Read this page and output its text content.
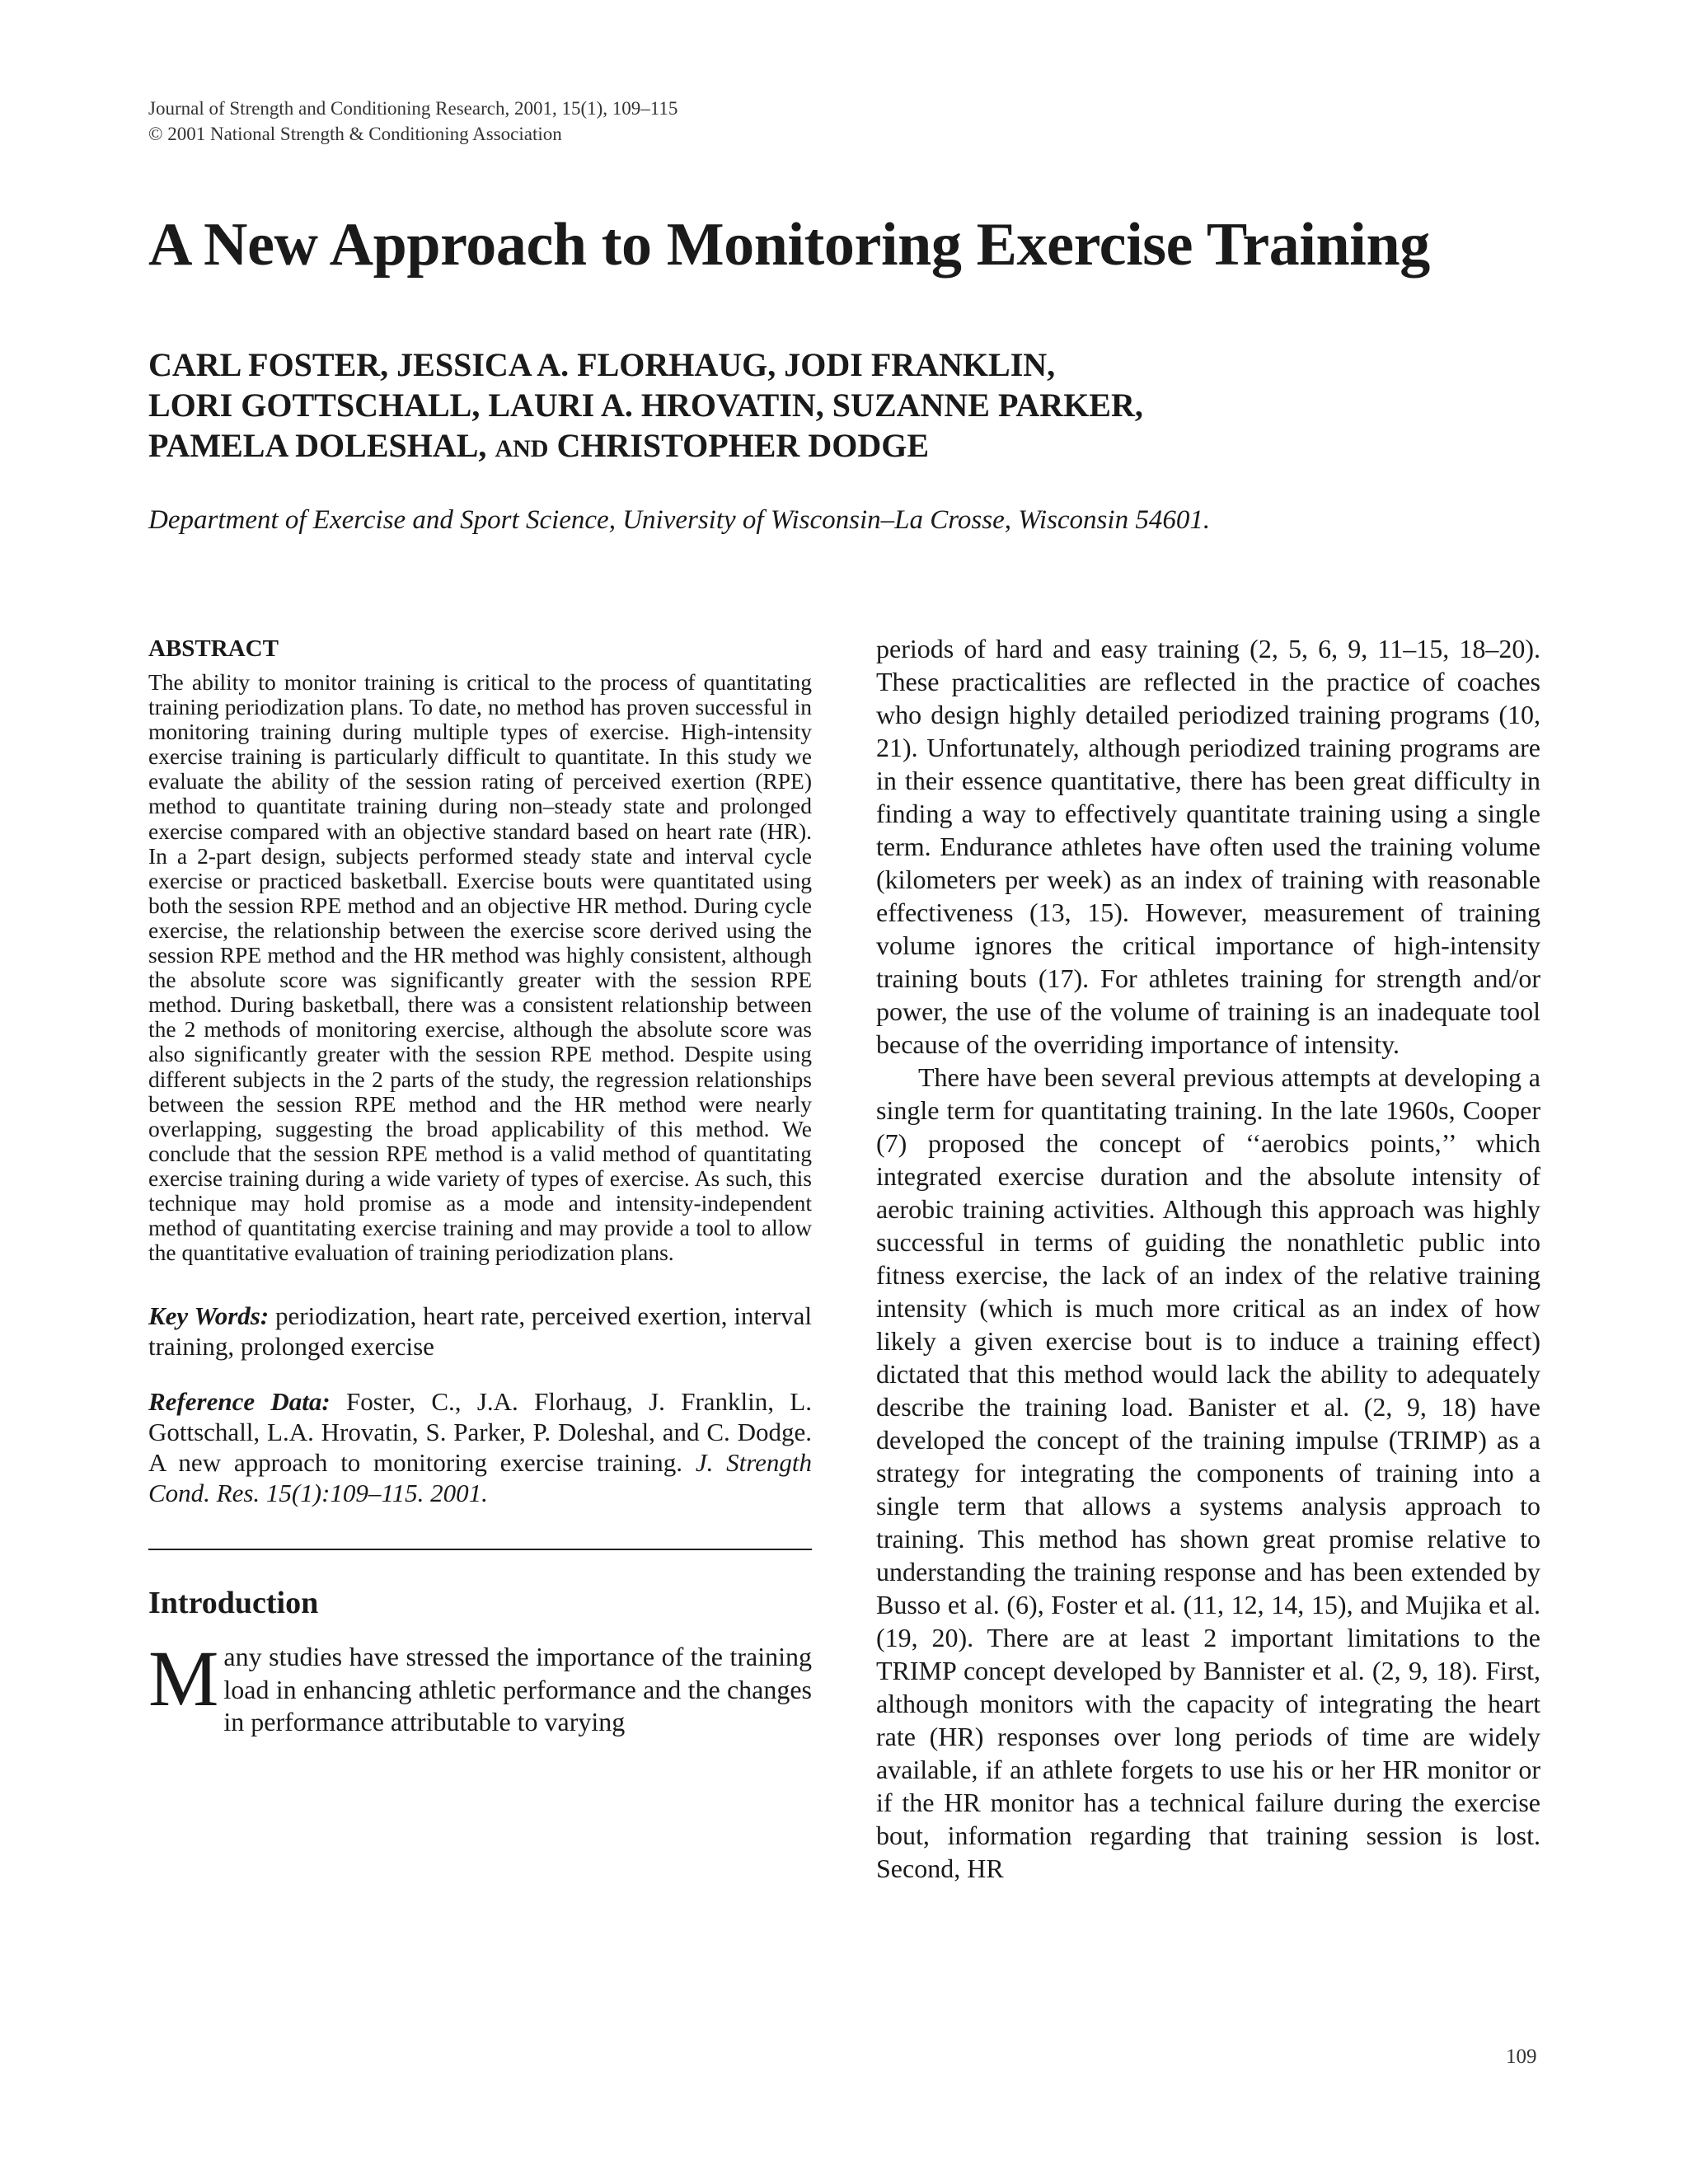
Journal of Strength and Conditioning Research, 2001, 15(1), 109–115
© 2001 National Strength & Conditioning Association
A New Approach to Monitoring Exercise Training
CARL FOSTER, JESSICA A. FLORHAUG, JODI FRANKLIN,
LORI GOTTSCHALL, LAURI A. HROVATIN, SUZANNE PARKER,
PAMELA DOLESHAL, AND CHRISTOPHER DODGE
Department of Exercise and Sport Science, University of Wisconsin–La Crosse, Wisconsin 54601.
ABSTRACT

The ability to monitor training is critical to the process of quantitating training periodization plans. To date, no method has proven successful in monitoring training during multiple types of exercise. High-intensity exercise training is particularly difficult to quantitate. In this study we evaluate the ability of the session rating of perceived exertion (RPE) method to quantitate training during non–steady state and prolonged exercise compared with an objective standard based on heart rate (HR). In a 2-part design, subjects performed steady state and interval cycle exercise or practiced basketball. Exercise bouts were quantitated using both the session RPE method and an objective HR method. During cycle exercise, the relationship between the exercise score derived using the session RPE method and the HR method was highly consistent, although the absolute score was significantly greater with the session RPE method. During basketball, there was a consistent relationship between the 2 methods of monitoring exercise, although the absolute score was also significantly greater with the session RPE method. Despite using different subjects in the 2 parts of the study, the regression relationships between the session RPE method and the HR method were nearly overlapping, suggesting the broad applicability of this method. We conclude that the session RPE method is a valid method of quantitating exercise training during a wide variety of types of exercise. As such, this technique may hold promise as a mode and intensity-independent method of quantitating exercise training and may provide a tool to allow the quantitative evaluation of training periodization plans.

Key Words: periodization, heart rate, perceived exertion, interval training, prolonged exercise

Reference Data: Foster, C., J.A. Florhaug, J. Franklin, L. Gottschall, L.A. Hrovatin, S. Parker, P. Doleshal, and C. Dodge. A new approach to monitoring exercise training. J. Strength Cond. Res. 15(1):109–115. 2001.

Introduction

Many studies have stressed the importance of the training load in enhancing athletic performance and the changes in performance attributable to varying

periods of hard and easy training (2, 5, 6, 9, 11–15, 18–20). These practicalities are reflected in the practice of coaches who design highly detailed periodized training programs (10, 21). Unfortunately, although periodized training programs are in their essence quantitative, there has been great difficulty in finding a way to effectively quantitate training using a single term. Endurance athletes have often used the training volume (kilometers per week) as an index of training with reasonable effectiveness (13, 15). However, measurement of training volume ignores the critical importance of high-intensity training bouts (17). For athletes training for strength and/or power, the use of the volume of training is an inadequate tool because of the overriding importance of intensity.

There have been several previous attempts at developing a single term for quantitating training. In the late 1960s, Cooper (7) proposed the concept of ‘‘aerobics points,’’ which integrated exercise duration and the absolute intensity of aerobic training activities. Although this approach was highly successful in terms of guiding the nonathletic public into fitness exercise, the lack of an index of the relative training intensity (which is much more critical as an index of how likely a given exercise bout is to induce a training effect) dictated that this method would lack the ability to adequately describe the training load. Banister et al. (2, 9, 18) have developed the concept of the training impulse (TRIMP) as a strategy for integrating the components of training into a single term that allows a systems analysis approach to training. This method has shown great promise relative to understanding the training response and has been extended by Busso et al. (6), Foster et al. (11, 12, 14, 15), and Mujika et al. (19, 20). There are at least 2 important limitations to the TRIMP concept developed by Bannister et al. (2, 9, 18). First, although monitors with the capacity of integrating the heart rate (HR) responses over long periods of time are widely available, if an athlete forgets to use his or her HR monitor or if the HR monitor has a technical failure during the exercise bout, information regarding that training session is lost. Second, HR

109
